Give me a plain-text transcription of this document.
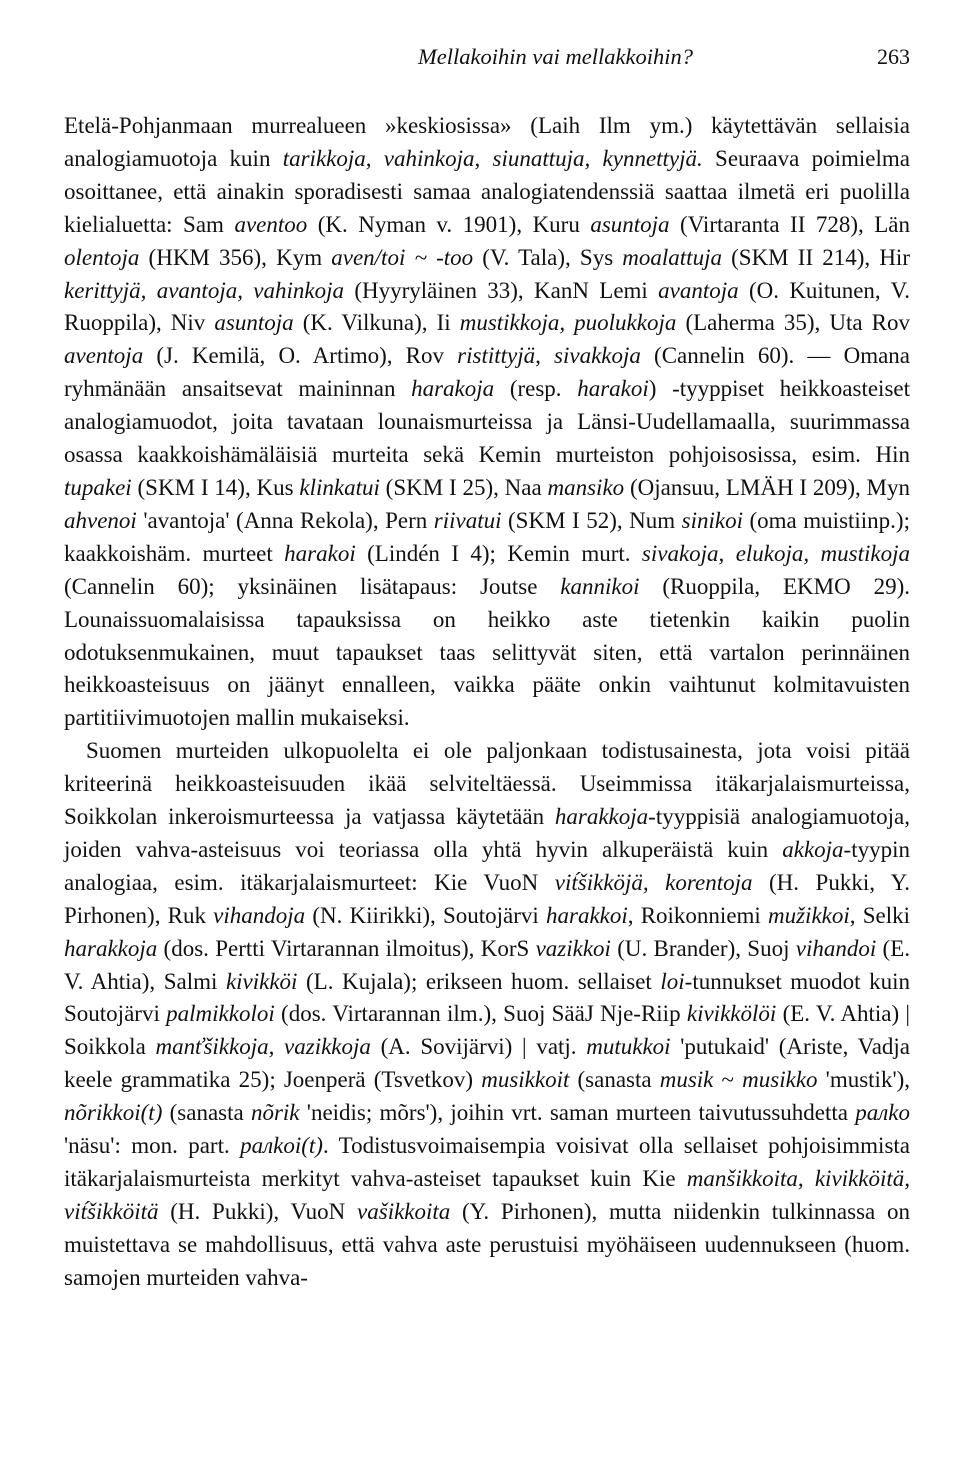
Mellakoihin vai mellakkoihin?	263

Etelä-Pohjanmaan murrealueen »keskiosissa» (Laih Ilm ym.) käytettävän sellaisia analogiamuotoja kuin tarikkoja, vahinkoja, siunattuja, kynnettyjä. Seuraava poimielma osoittanee, että ainakin sporadisesti samaa analogiatendenssiä saattaa ilmetä eri puolilla kielialuetta: Sam aventoo (K. Nyman v. 1901), Kuru asuntoja (Virtaranta II 728), Län olentoja (HKM 356), Kym aven/toi ~ -too (V. Tala), Sys moalattuja (SKM II 214), Hir kerittyjä, avantoja, vahinkoja (Hyyryläinen 33), KanN Lemi avantoja (O. Kuitunen, V. Ruoppila), Niv asuntoja (K. Vilkuna), Ii mustikkoja, puolukkoja (Laherma 35), Uta Rov aventoja (J. Kemilä, O. Artimo), Rov ristittyjä, sivakkoja (Cannelin 60). — Omana ryhmänään ansaitsevat maininnan harakoja (resp. harakoi) -tyyppiset heikkoasteiset analogiamuodot, joita tavataan lounaismurteissa ja Länsi-Uudellamaalla, suurimmassa osassa kaakkoishämäläisiä murteita sekä Kemin murteiston pohjoisosissa, esim. Hin tupakei (SKM I 14), Kus klinkatui (SKM I 25), Naa mansiko (Ojansuu, LMÄH I 209), Myn ahvenoi 'avantoja' (Anna Rekola), Pern riivatui (SKM I 52), Num sinikoi (oma muistiinp.); kaakkoishäm. murteet harakoi (Lindén I 4); Kemin murt. sivakoja, elukoja, mustikoja (Cannelin 60); yksinäinen lisätapaus: Joutse kannikoi (Ruoppila, EKMO 29). Lounaissuomalaisissa tapauksissa on heikko aste tietenkin kaikin puolin odotuksenmukainen, muut tapaukset taas selittyvät siten, että vartalon perinnäinen heikkoasteisuus on jäänyt ennalleen, vaikka pääte onkin vaihtunut kolmitavuisten partitiivimuotojen mallin mukaiseksi.

Suomen murteiden ulkopuolelta ei ole paljonkaan todistusainesta, jota voisi pitää kriteerinä heikkoasteisuuden ikää selviteltäessä. Useimmissa itäkarjalaismurteissa, Soikkolan inkeroismurteessa ja vatjassa käytetään harakkoja-tyyppisiä analogiamuotoja, joiden vahva-asteisuus voi teoriassa olla yhtä hyvin alkuperäistä kuin akkoja-tyypin analogiaa, esim. itäkarjalaismurteet: Kie VuoN vit́šikköjä, korentoja (H. Pukki, Y. Pirhonen), Ruk vihandoja (N. Kiirikki), Soutojärvi harakkoi, Roikonniemi mužikkoi, Selki harakkoja (dos. Pertti Virtarannan ilmoitus), KorS vazikkoi (U. Brander), Suoj vihandoi (E. V. Ahtia), Salmi kivikköi (L. Kujala); erikseen huom. sellaiset loi-tunnukset muodot kuin Soutojärvi palmikkoloi (dos. Virtarannan ilm.), Suoj SääJ Nje-Riip kivikkölöi (E. V. Ahtia) | Soikkola manťšikkoja, vazikkoja (A. Sovijärvi) | vatj. mutukkoi 'putukaid' (Ariste, Vadja keele grammatika 25); Joenperä (Tsvetkov) musikkoit (sanasta musik ~ musikko 'mustik'), nõrikkoi(t) (sanasta nõrik 'neidis; mõrs'), joihin vrt. saman murteen taivutussuhdetta paлko 'näsu': mon. part. paлkoi(t). Todistusvoimaisempia voisivat olla sellaiset pohjoisimmista itäkarjalaismurteista merkityt vahva-asteiset tapaukset kuin Kie manšikkoita, kivikköitä, vit́šikköitä (H. Pukki), VuoN vašikkoita (Y. Pirhonen), mutta niidenkin tulkinnassa on muistettava se mahdollisuus, että vahva aste perustuisi myöhäiseen uudennukseen (huom. samojen murteiden vahva-
